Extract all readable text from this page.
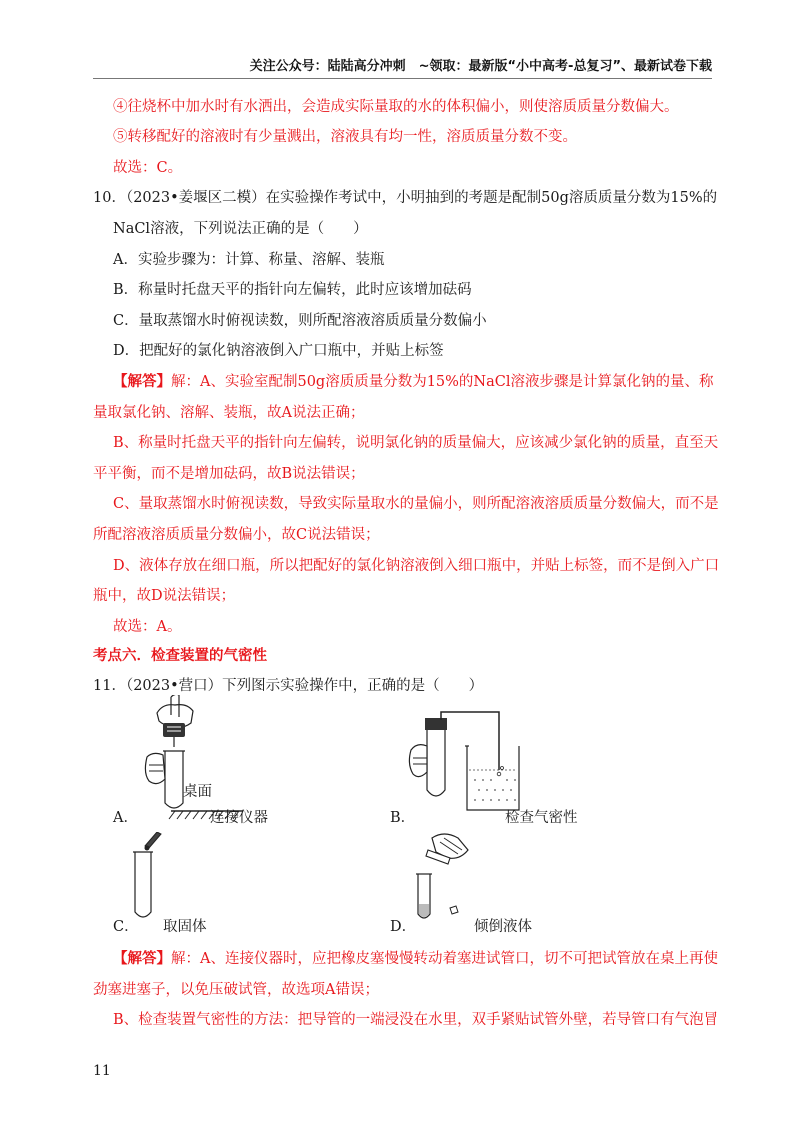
关注公众号：陆陆高分冲刺　~领取：最新版“小中高考-总复习”、最新试卷下载
④往烧杯中加水时有水洒出，会造成实际量取的水的体积偏小，则使溶质质量分数偏大。
⑤转移配好的溶液时有少量溅出，溶液具有均一性，溶质质量分数不变。
故选：C。
10．（2023•姜堰区二模）在实验操作考试中，小明抽到的考题是配制50g溶质质量分数为15%的
NaCl溶液，下列说法正确的是（　　）
A．实验步骤为：计算、称量、溶解、装瓶
B．称量时托盘天平的指针向左偏转，此时应该增加砝码
C．量取蒸馏水时俯视读数，则所配溶液溶质质量分数偏小
D．把配好的氯化钠溶液倒入广口瓶中，并贴上标签
【解答】解：A、实验室配制50g溶质质量分数为15%的NaCl溶液步骤是计算氯化钠的量、称
量取氯化钠、溶解、装瓶，故A说法正确；
B、称量时托盘天平的指针向左偏转，说明氯化钠的质量偏大，应该减少氯化钠的质量，直至天
平平衡，而不是增加砝码，故B说法错误；
C、量取蒸馏水时俯视读数，导致实际量取水的量偏小，则所配溶液溶质质量分数偏大，而不是
所配溶液溶质质量分数偏小，故C说法错误；
D、液体存放在细口瓶，所以把配好的氯化钠溶液倒入细口瓶中，并贴上标签，而不是倒入广口
瓶中，故D说法错误；
故选：A。
考点六．检查装置的气密性
11．（2023•营口）下列图示实验操作中，正确的是（　　）
桌面
A．	连接仪器	B．	检查气密性
C． 取固体	D．	倾倒液体
【解答】解：A、连接仪器时，应把橡皮塞慢慢转动着塞进试管口，切不可把试管放在桌上再使
劲塞进塞子，以免压破试管，故选项A错误；
B、检查装置气密性的方法：把导管的一端浸没在水里，双手紧贴试管外壁，若导管口有气泡冒
11
